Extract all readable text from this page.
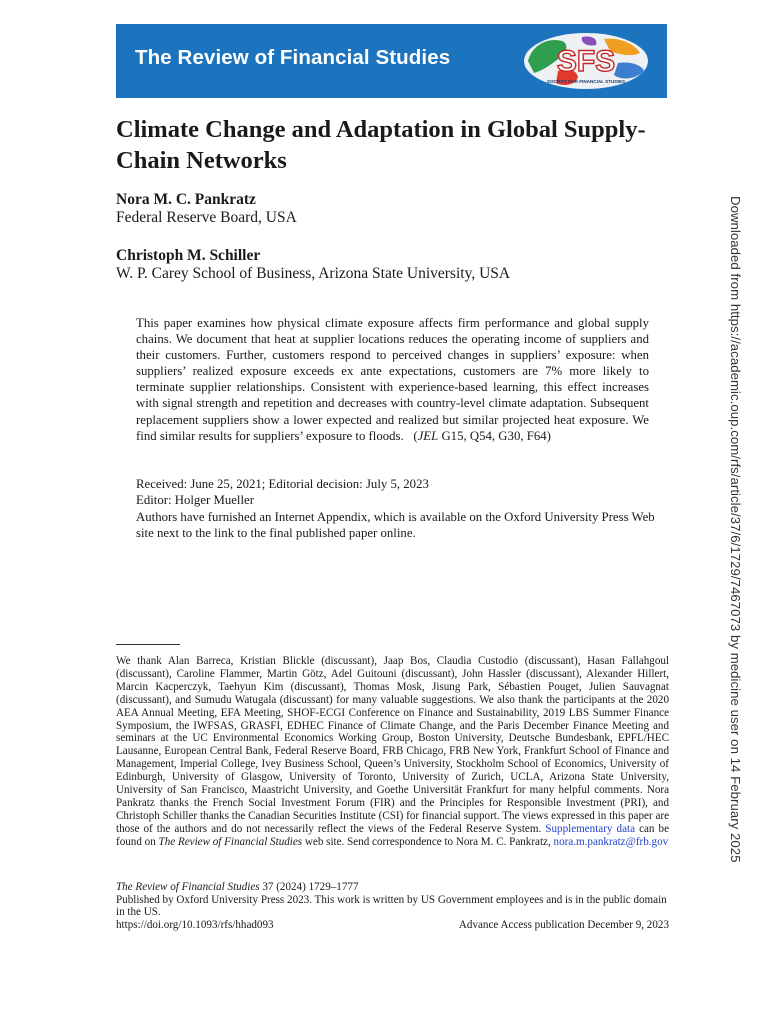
The Review of Financial Studies	SFS
SOCIETY FOR FINANCIAL STUDIES
Climate Change and Adaptation in Global Supply-Chain Networks

Nora M. C. Pankratz

Federal Reserve Board, USA

Christoph M. Schiller

W. P. Carey School of Business, Arizona State University, USA

This paper examines how physical climate exposure affects firm performance and global supply chains. We document that heat at supplier locations reduces the operating income of suppliers and their customers. Further, customers respond to perceived changes in suppliers’ exposure: when suppliers’ realized exposure exceeds ex ante expectations, customers are 7% more likely to terminate supplier relationships. Consistent with experience-based learning, this effect increases with signal strength and repetition and decreases with country-level climate adaptation. Subsequent replacement suppliers show a lower expected and realized but similar projected heat exposure. We find similar results for suppliers’ exposure to floods.   (JEL G15, Q54, G30, F64)

Received: June 25, 2021; Editorial decision: July 5, 2023
Editor: Holger Mueller
Authors have furnished an Internet Appendix, which is available on the Oxford University Press Web site next to the link to the final published paper online.

We thank Alan Barreca, Kristian Blickle (discussant), Jaap Bos, Claudia Custodio (discussant), Hasan Fallahgoul (discussant), Caroline Flammer, Martin Götz, Adel Guitouni (discussant), John Hassler (discussant), Alexander Hillert, Marcin Kacperczyk, Taehyun Kim (discussant), Thomas Mosk, Jisung Park, Sébastien Pouget, Julien Sauvagnat (discussant), and Sumudu Watugala (discussant) for many valuable suggestions. We also thank the participants at the 2020 AEA Annual Meeting, EFA Meeting, SHOF-ECGI Conference on Finance and Sustainability, 2019 LBS Summer Finance Symposium, the IWFSAS, GRASFI, EDHEC Finance of Climate Change, and the Paris December Finance Meeting and seminars at the UC Environmental Economics Working Group, Boston University, Deutsche Bundesbank, EPFL/HEC Lausanne, European Central Bank, Federal Reserve Board, FRB Chicago, FRB New York, Frankfurt School of Finance and Management, Imperial College, Ivey Business School, Queen’s University, Stockholm School of Economics, University of Edinburgh, University of Glasgow, University of Toronto, University of Zurich, UCLA, Arizona State University, University of San Francisco, Maastricht University, and Goethe Universität Frankfurt for many helpful comments. Nora Pankratz thanks the French Social Investment Forum (FIR) and the Principles for Responsible Investment (PRI), and Christoph Schiller thanks the Canadian Securities Institute (CSI) for financial support. The views expressed in this paper are those of the authors and do not necessarily reflect the views of the Federal Reserve System. Supplementary data can be found on The Review of Financial Studies web site. Send correspondence to Nora M. C. Pankratz, nora.m.pankratz@frb.gov

The Review of Financial Studies 37 (2024) 1729–1777
Published by Oxford University Press 2023. This work is written by US Government employees and is in the public domain in the US.
https://doi.org/10.1093/rfs/hhad093	Advance Access publication December 9, 2023
Downloaded from https://academic.oup.com/rfs/article/37/6/1729/7467073 by medicine user on 14 February 2025
